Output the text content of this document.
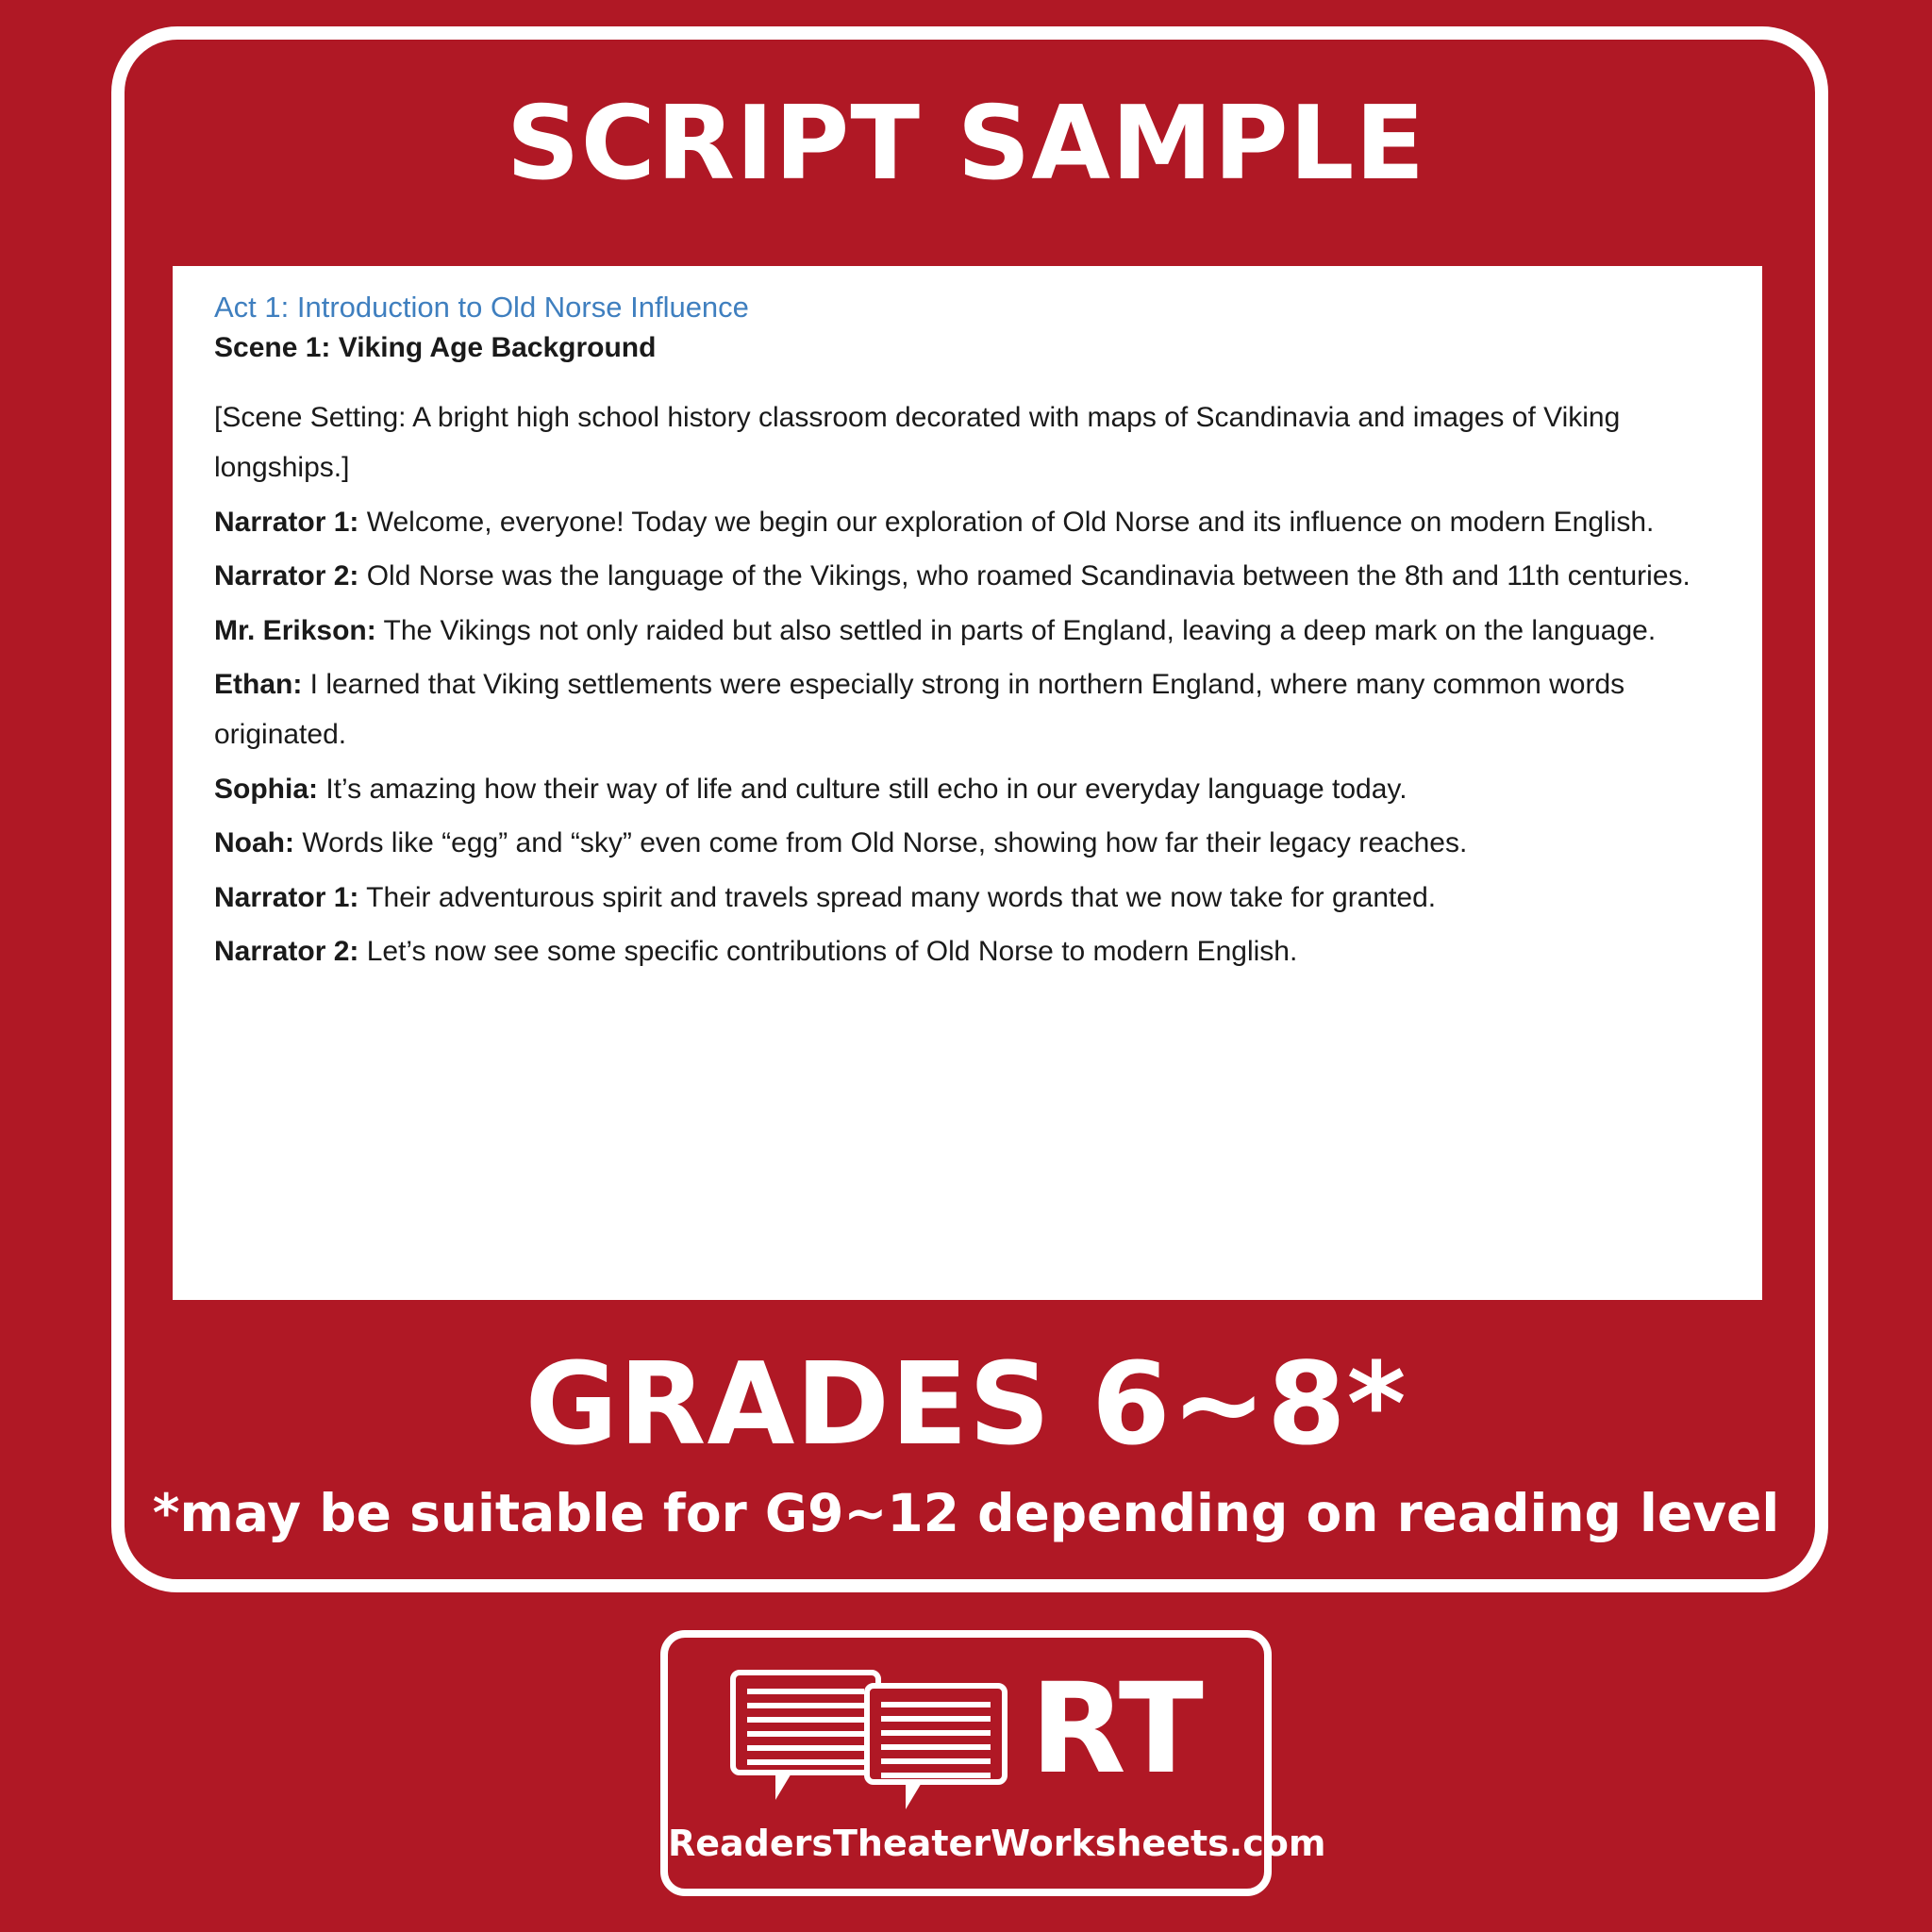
SCRIPT SAMPLE
Act 1: Introduction to Old Norse Influence
Scene 1: Viking Age Background
[Scene Setting: A bright high school history classroom decorated with maps of Scandinavia and images of Viking longships.]

Narrator 1: Welcome, everyone! Today we begin our exploration of Old Norse and its influence on modern English.

Narrator 2: Old Norse was the language of the Vikings, who roamed Scandinavia between the 8th and 11th centuries.

Mr. Erikson: The Vikings not only raided but also settled in parts of England, leaving a deep mark on the language.

Ethan: I learned that Viking settlements were especially strong in northern England, where many common words originated.

Sophia: It’s amazing how their way of life and culture still echo in our everyday language today.

Noah: Words like “egg” and “sky” even come from Old Norse, showing how far their legacy reaches.

Narrator 1: Their adventurous spirit and travels spread many words that we now take for granted.

Narrator 2: Let’s now see some specific contributions of Old Norse to modern English.

GRADES 6~8*
*may be suitable for G9~12 depending on reading level
RT
ReadersTheaterWorksheets.com
